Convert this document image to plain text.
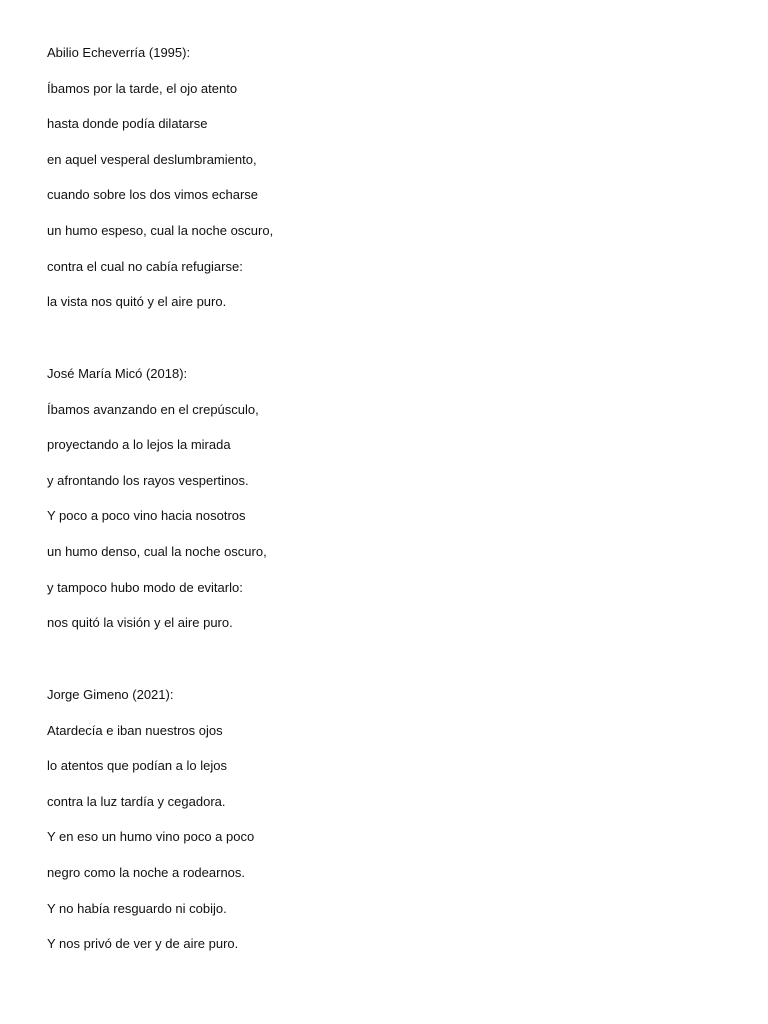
Abilio Echeverría (1995):
Íbamos por la tarde, el ojo atento
hasta donde podía dilatarse
en aquel vesperal deslumbramiento,
cuando sobre los dos vimos echarse
un humo espeso, cual la noche oscuro,
contra el cual no cabía refugiarse:
la vista nos quitó y el aire puro.
José María Micó (2018):
Íbamos avanzando en el crepúsculo,
proyectando a lo lejos la mirada
y afrontando los rayos vespertinos.
Y poco a poco vino hacia nosotros
un humo denso, cual la noche oscuro,
y tampoco hubo modo de evitarlo:
nos quitó la visión y el aire puro.
Jorge Gimeno (2021):
Atardecía e iban nuestros ojos
lo atentos que podían a lo lejos
contra la luz tardía y cegadora.
Y en eso un humo vino poco a poco
negro como la noche a rodearnos.
Y no había resguardo ni cobijo.
Y nos privó de ver y de aire puro.
